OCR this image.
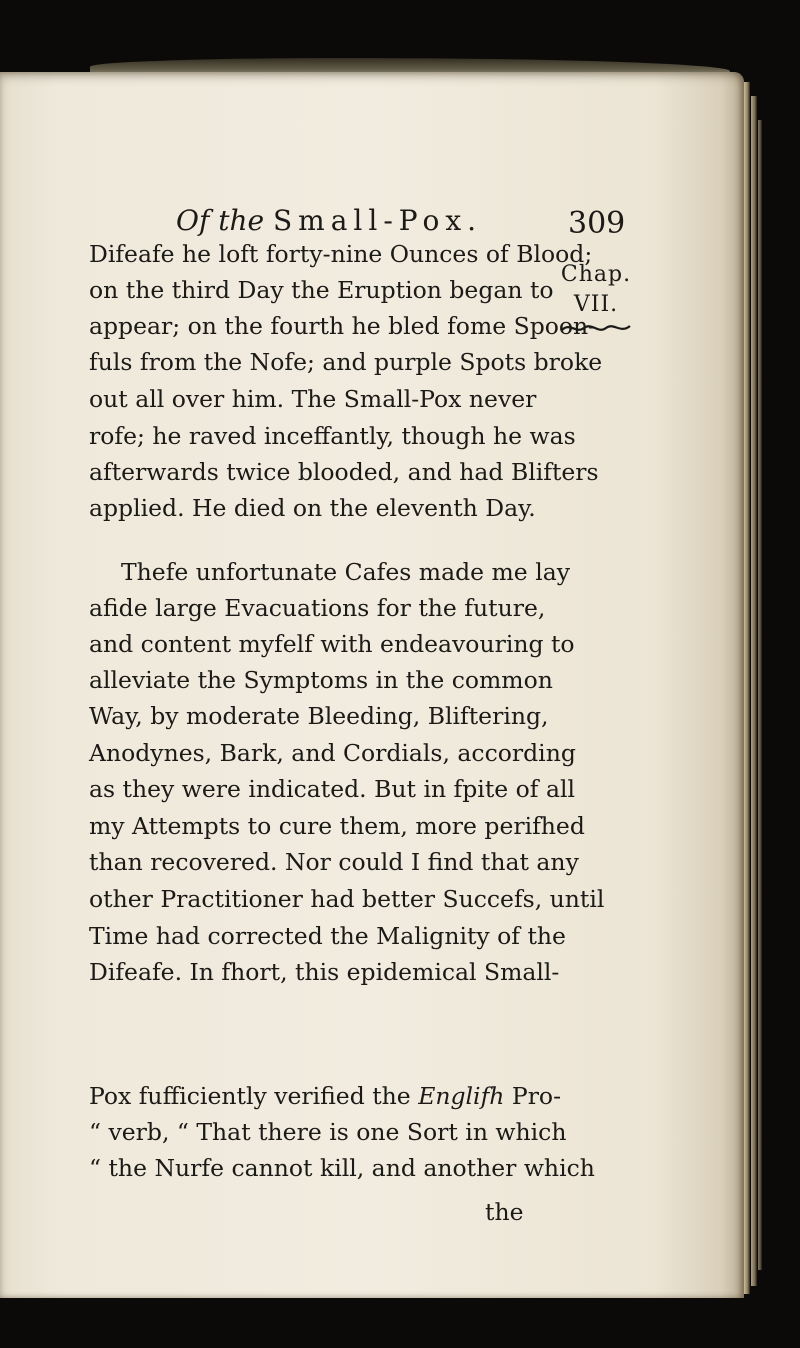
Of the Small-Pox.	309
Chap.
VII.
Difeafe he loft forty-nine Ounces of Blood;
on the third Day the Eruption began to
appear; on the fourth he bled fome Spoon-
fuls from the Nofe; and purple Spots broke
out all over him. The Small-Pox never
rofe; he raved inceffantly, though he was
afterwards twice blooded, and had Blifters
applied. He died on the eleventh Day.
Thefe unfortunate Cafes made me lay
afide large Evacuations for the future,
and content myfelf with endeavouring to
alleviate the Symptoms in the common
Way, by moderate Bleeding, Bliftering,
Anodynes, Bark, and Cordials, according
as they were indicated. But in fpite of all
my Attempts to cure them, more perifhed
than recovered. Nor could I find that any
other Practitioner had better Succefs, until
Time had corrected the Malignity of the
Difeafe. In fhort, this epidemical Small-
Pox fufficiently verified the Englifh Pro-
“ verb, “ That there is one Sort in which
“ the Nurfe cannot kill, and another which
the
